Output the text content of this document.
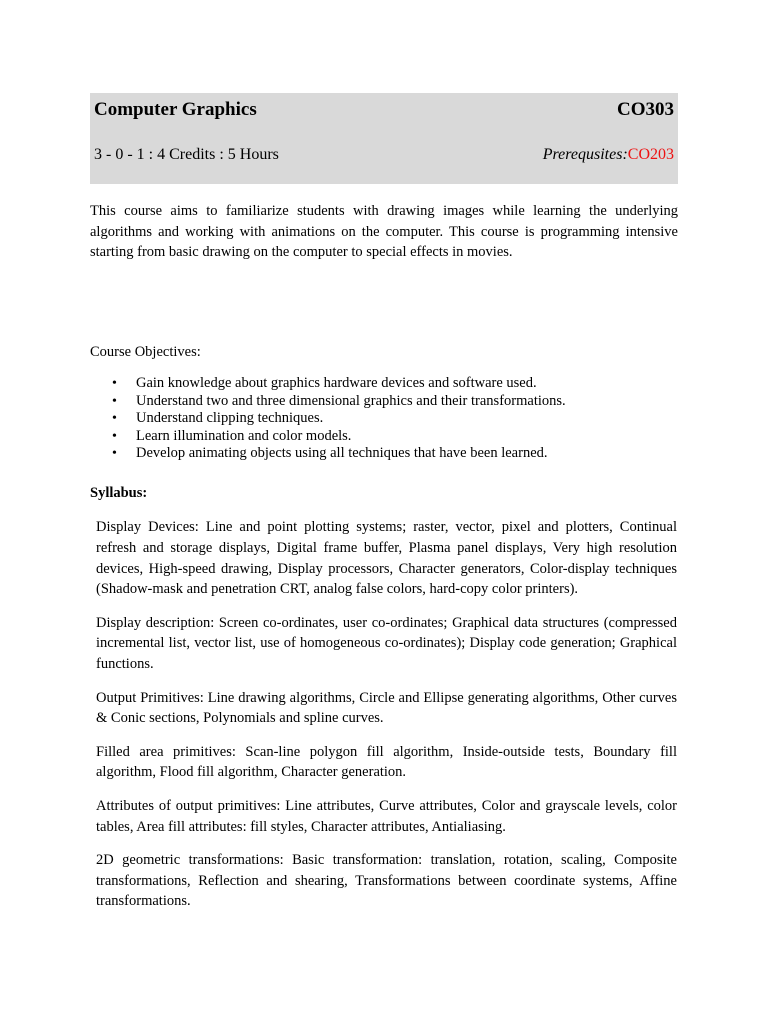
Computer Graphics	CO303
3 - 0 - 1 : 4 Credits : 5 Hours	Prerequsites:CO203

This course aims to familiarize students with drawing images while learning the underlying algorithms and working with animations on the computer. This course is programming intensive starting from basic drawing on the computer to special effects in movies.

Course Objectives:

• Gain knowledge about graphics hardware devices and software used.
• Understand two and three dimensional graphics and their transformations.
• Understand clipping techniques.
• Learn illumination and color models.
• Develop animating objects using all techniques that have been learned.

Syllabus:

Display Devices: Line and point plotting systems; raster, vector, pixel and plotters, Continual refresh and storage displays, Digital frame buffer, Plasma panel displays, Very high resolution devices, High-speed drawing, Display processors, Character generators, Color-display techniques (Shadow-mask and penetration CRT, analog false colors, hard-copy color printers).

Display description: Screen co-ordinates, user co-ordinates; Graphical data structures (compressed incremental list, vector list, use of homogeneous co-ordinates); Display code generation; Graphical functions.

Output Primitives: Line drawing algorithms, Circle and Ellipse generating algorithms, Other curves & Conic sections, Polynomials and spline curves.

Filled area primitives: Scan-line polygon fill algorithm, Inside-outside tests, Boundary fill algorithm, Flood fill algorithm, Character generation.

Attributes of output primitives: Line attributes, Curve attributes, Color and grayscale levels, color tables, Area fill attributes: fill styles, Character attributes, Antialiasing.

2D geometric transformations: Basic transformation: translation, rotation, scaling, Composite transformations, Reflection and shearing, Transformations between coordinate systems, Affine transformations.
